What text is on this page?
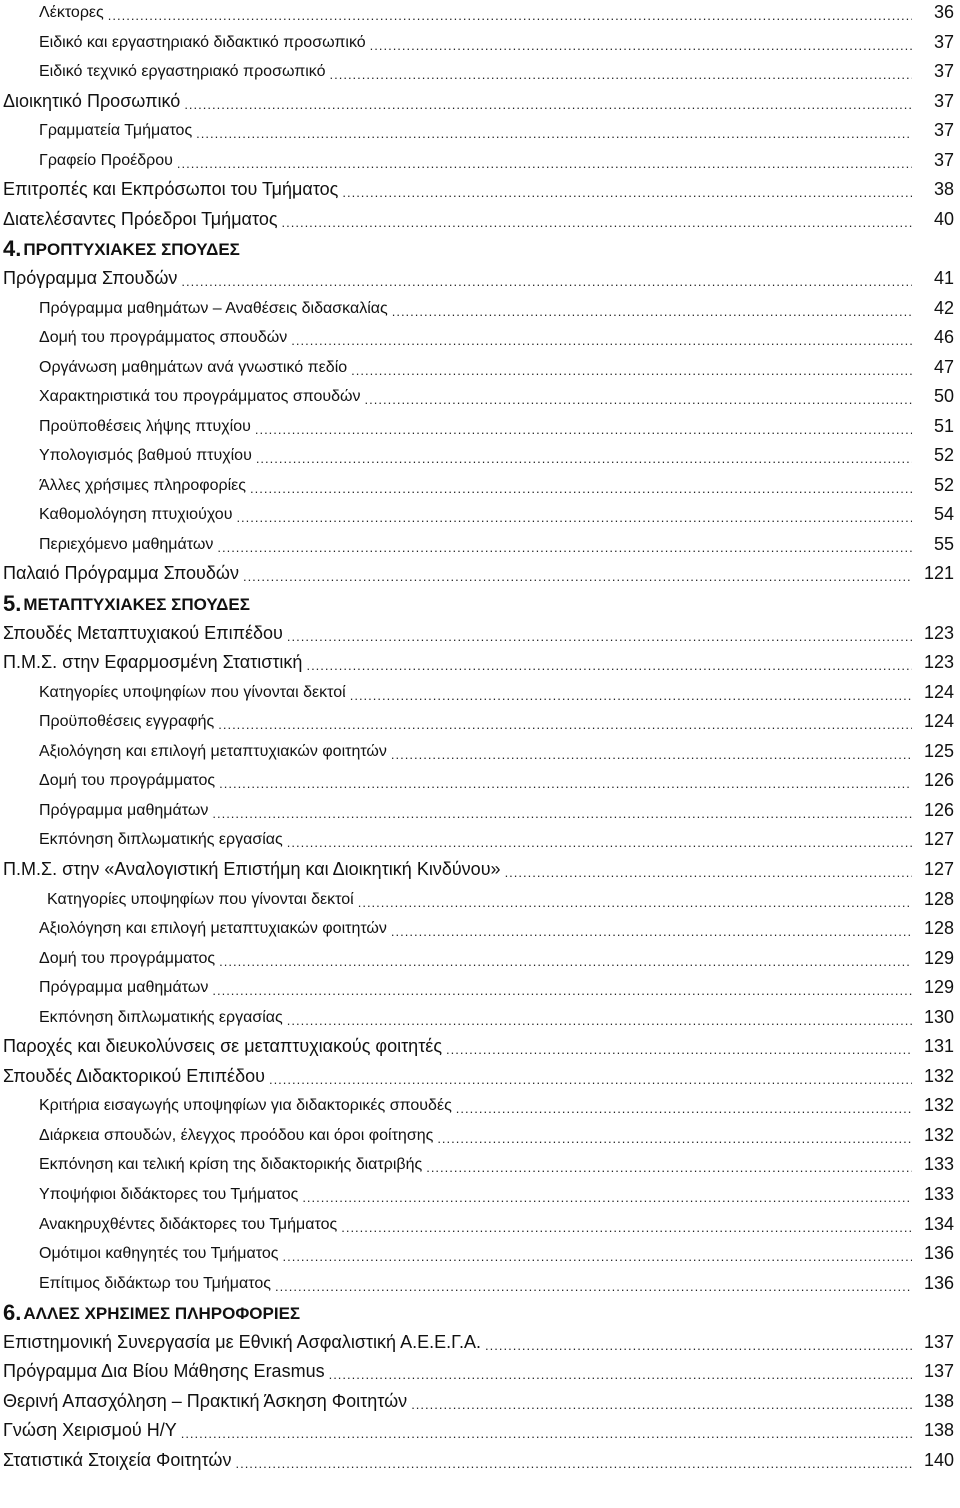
Λέκτορες .....	36
Ειδικό και εργαστηριακό διδακτικό προσωπικό .....	37
Ειδικό τεχνικό εργαστηριακό προσωπικό .....	37
Διοικητικό Προσωπικό .....	37
Γραμματεία Τμήματος .....	37
Γραφείο Προέδρου .....	37
Επιτροπές και Εκπρόσωποι του Τμήματος .....	38
Διατελέσαντες Πρόεδροι Τμήματος .....	40
4. ΠΡΟΠΤΥΧΙΑΚΕΣ ΣΠΟΥΔΕΣ
Πρόγραμμα Σπουδών .....	41
Πρόγραμμα μαθημάτων – Αναθέσεις διδασκαλίας .....	42
Δομή του προγράμματος σπουδών .....	46
Οργάνωση μαθημάτων ανά γνωστικό πεδίο .....	47
Χαρακτηριστικά του προγράμματος σπουδών .....	50
Προϋποθέσεις λήψης πτυχίου .....	51
Υπολογισμός βαθμού πτυχίου .....	52
Άλλες χρήσιμες πληροφορίες .....	52
Καθομολόγηση πτυχιούχου .....	54
Περιεχόμενο μαθημάτων .....	55
Παλαιό Πρόγραμμα Σπουδών .....	121
5. ΜΕΤΑΠΤΥΧΙΑΚΕΣ ΣΠΟΥΔΕΣ
Σπουδές Μεταπτυχιακού Επιπέδου .....	123
Π.Μ.Σ. στην Εφαρμοσμένη Στατιστική .....	123
Κατηγορίες υποψηφίων που γίνονται δεκτοί .....	124
Προϋποθέσεις εγγραφής .....	124
Αξιολόγηση και επιλογή μεταπτυχιακών φοιτητών .....	125
Δομή του προγράμματος .....	126
Πρόγραμμα μαθημάτων .....	126
Εκπόνηση διπλωματικής εργασίας .....	127
Π.Μ.Σ. στην «Αναλογιστική Επιστήμη και Διοικητική Κινδύνου» .....	127
Κατηγορίες υποψηφίων που γίνονται δεκτοί .....	128
Αξιολόγηση και επιλογή μεταπτυχιακών φοιτητών .....	128
Δομή του προγράμματος .....	129
Πρόγραμμα μαθημάτων .....	129
Εκπόνηση διπλωματικής εργασίας .....	130
Παροχές και διευκολύνσεις σε μεταπτυχιακούς φοιτητές .....	131
Σπουδές Διδακτορικού Επιπέδου .....	132
Κριτήρια εισαγωγής υποψηφίων για διδακτορικές σπουδές .....	132
Διάρκεια σπουδών, έλεγχος προόδου και όροι φοίτησης .....	132
Εκπόνηση και τελική κρίση της διδακτορικής διατριβής .....	133
Υποψήφιοι διδάκτορες του Τμήματος .....	133
Ανακηρυχθέντες διδάκτορες του Τμήματος .....	134
Ομότιμοι καθηγητές του Τμήματος .....	136
Επίτιμος διδάκτωρ του Τμήματος .....	136
6. ΑΛΛΕΣ ΧΡΗΣΙΜΕΣ ΠΛΗΡΟΦΟΡΙΕΣ
Επιστημονική Συνεργασία με Εθνική Ασφαλιστική Α.Ε.Ε.Γ.Α. .....	137
Πρόγραμμα Δια Βίου Μάθησης Erasmus .....	137
Θερινή Απασχόληση – Πρακτική Άσκηση Φοιτητών .....	138
Γνώση Χειρισμού Η/Υ .....	138
Στατιστικά Στοιχεία Φοιτητών .....	140
